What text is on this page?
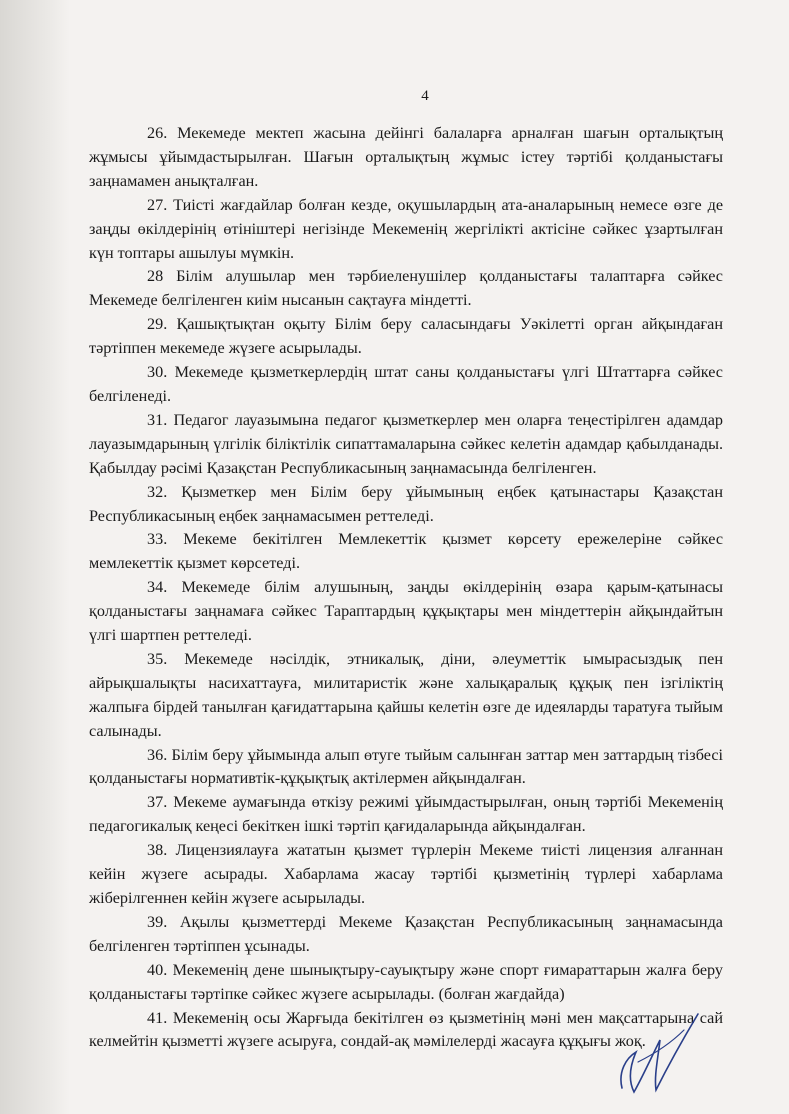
4

26. Мекемеде мектеп жасына дейінгі балаларға арналған шағын орталықтың жұмысы ұйымдастырылған. Шағын орталықтың жұмыс істеу тәртібі қолданыстағы заңнамамен анықталған.

27. Тиісті жағдайлар болған кезде, оқушылардың ата-аналарының немесе өзге де заңды өкілдерінің өтініштері негізінде Мекеменің жергілікті актісіне сәйкес ұзартылған күн топтары ашылуы мүмкін.

28 Білім алушылар мен тәрбиеленушілер қолданыстағы талаптарға сәйкес Мекемеде белгіленген киім нысанын сақтауға міндетті.

29. Қашықтықтан оқыту Білім беру саласындағы Уәкілетті орган айқындаған тәртіппен мекемеде жүзеге асырылады.

30. Мекемеде қызметкерлердің штат саны қолданыстағы үлгі Штаттарға сәйкес белгіленеді.

31. Педагог лауазымына педагог қызметкерлер мен оларға теңестірілген адамдар лауазымдарының үлгілік біліктілік сипаттамаларына сәйкес келетін адамдар қабылданады. Қабылдау рәсімі Қазақстан Республикасының заңнамасында белгіленген.

32. Қызметкер мен Білім беру ұйымының еңбек қатынастары Қазақстан Республикасының еңбек заңнамасымен реттеледі.

33. Мекеме бекітілген Мемлекеттік қызмет көрсету ережелеріне сәйкес мемлекеттік қызмет көрсетеді.

34. Мекемеде білім алушының, заңды өкілдерінің өзара қарым-қатынасы қолданыстағы заңнамаға сәйкес Тараптардың құқықтары мен міндеттерін айқындайтын үлгі шартпен реттеледі.

35. Мекемеде нәсілдік, этникалық, діни, әлеуметтік ымырасыздық пен айрықшалықты насихаттауға, милитаристік және халықаралық құқық пен ізгіліктің жалпыға бірдей танылған қағидаттарына қайшы келетін өзге де идеяларды таратуға тыйым салынады.

36. Білім беру ұйымында алып өтуге тыйым салынған заттар мен заттардың тізбесі қолданыстағы нормативтік-құқықтық актілермен айқындалған.

37. Мекеме аумағында өткізу режимі ұйымдастырылған, оның тәртібі Мекеменің педагогикалық кеңесі бекіткен ішкі тәртіп қағидаларында айқындалған.

38. Лицензиялауға жататын қызмет түрлерін Мекеме тиісті лицензия алғаннан кейін жүзеге асырады. Хабарлама жасау тәртібі қызметінің түрлері хабарлама жіберілгеннен кейін жүзеге асырылады.

39. Ақылы қызметтерді Мекеме Қазақстан Республикасының заңнамасында белгіленген тәртіппен ұсынады.

40. Мекеменің дене шынықтыру-сауықтыру және спорт ғимараттарын жалға беру қолданыстағы тәртіпке сәйкес жүзеге асырылады. (болған жағдайда)

41. Мекеменің осы Жарғыда бекітілген өз қызметінің мәні мен мақсаттарына сай келмейтін қызметті жүзеге асыруға, сондай-ақ мәмілелерді жасауға құқығы жоқ.
